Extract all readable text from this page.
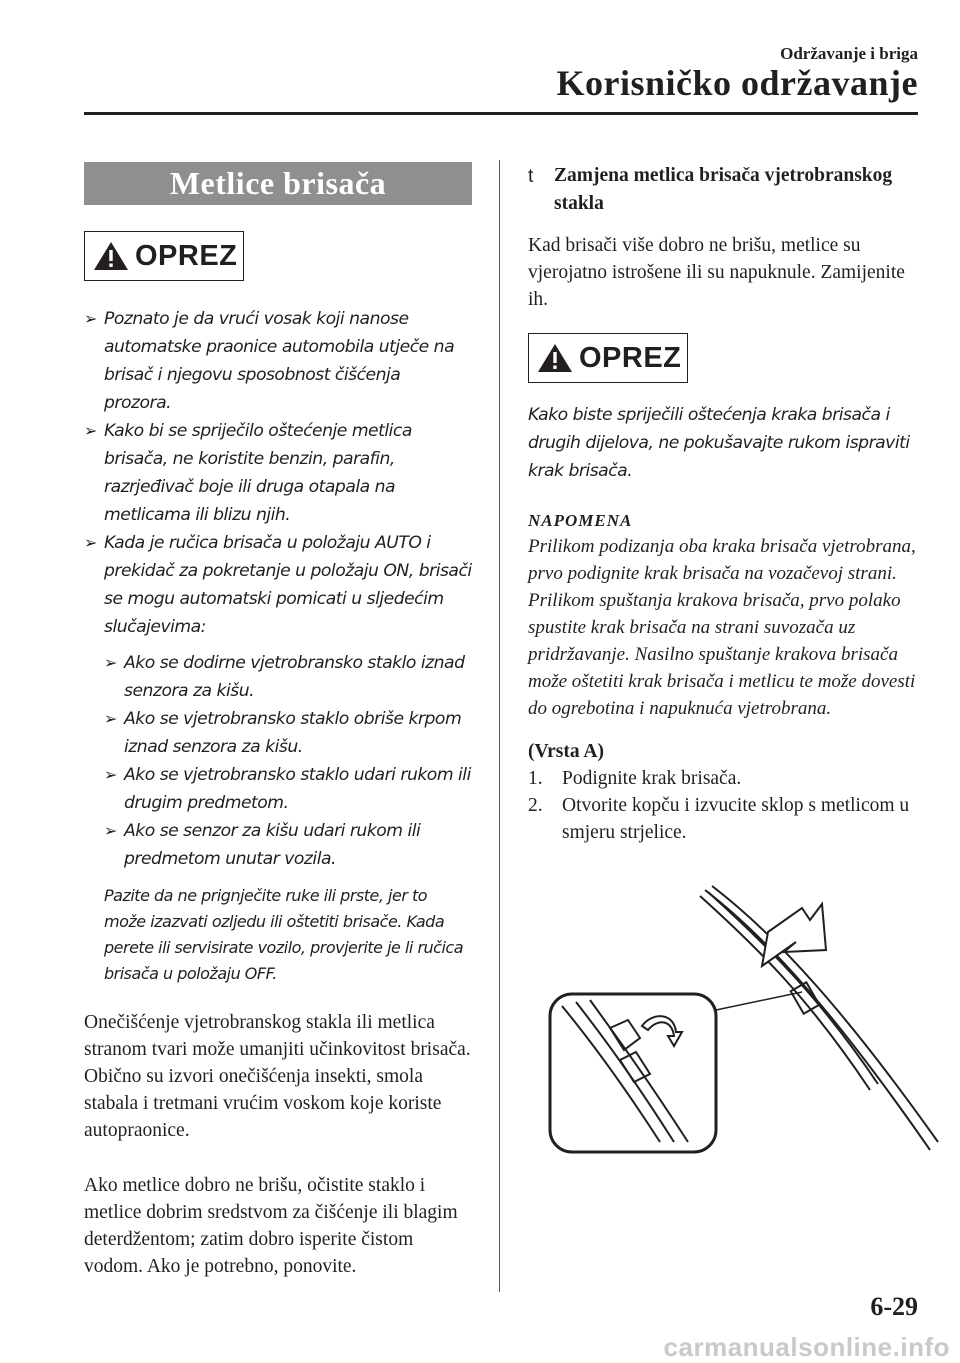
Održavanje i briga
Korisničko održavanje
Metlice brisača
OPREZ
➢ Poznato je da vrući vosak koji nanose automatske praonice automobila utječe na brisač i njegovu sposobnost čišćenja prozora.
➢ Kako bi se spriječilo oštećenje metlica brisača, ne koristite benzin, parafin, razrjeđivač boje ili druga otapala na metlicama ili blizu njih.
➢ Kada je ručica brisača u položaju AUTO i prekidač za pokretanje u položaju ON, brisači se mogu automatski pomicati u sljedećim slučajevima:
➢ Ako se dodirne vjetrobransko staklo iznad senzora za kišu.
➢ Ako se vjetrobransko staklo obriše krpom iznad senzora za kišu.
➢ Ako se vjetrobransko staklo udari rukom ili drugim predmetom.
➢ Ako se senzor za kišu udari rukom ili predmetom unutar vozila.
Pazite da ne prignječite ruke ili prste, jer to može izazvati ozljedu ili oštetiti brisače. Kada perete ili servisirate vozilo, provjerite je li ručica brisača u položaju OFF.
Onečišćenje vjetrobranskog stakla ili metlica stranom tvari može umanjiti učinkovitost brisača. Obično su izvori onečišćenja insekti, smola stabala i tretmani vrućim voskom koje koriste autopraonice.
Ako metlice dobro ne brišu, očistite staklo i metlice dobrim sredstvom za čišćenje ili blagim deterdžentom; zatim dobro isperite čistom vodom. Ako je potrebno, ponovite.
t Zamjena metlica brisača vjetrobranskog stakla
Kad brisači više dobro ne brišu, metlice su vjerojatno istrošene ili su napuknule. Zamijenite ih.
OPREZ
Kako biste spriječili oštećenja kraka brisača i drugih dijelova, ne pokušavajte rukom ispraviti krak brisača.
NAPOMENA
Prilikom podizanja oba kraka brisača vjetrobrana, prvo podignite krak brisača na vozačevoj strani. Prilikom spuštanja krakova brisača, prvo polako spustite krak brisača na strani suvozača uz pridržavanje. Nasilno spuštanje krakova brisača može oštetiti krak brisača i metlicu te može dovesti do ogrebotina i napuknuća vjetrobrana.
(Vrsta A)
1. Podignite krak brisača.
2. Otvorite kopču i izvucite sklop s metlicom u smjeru strjelice.
6-29
carmanualsonline.info
